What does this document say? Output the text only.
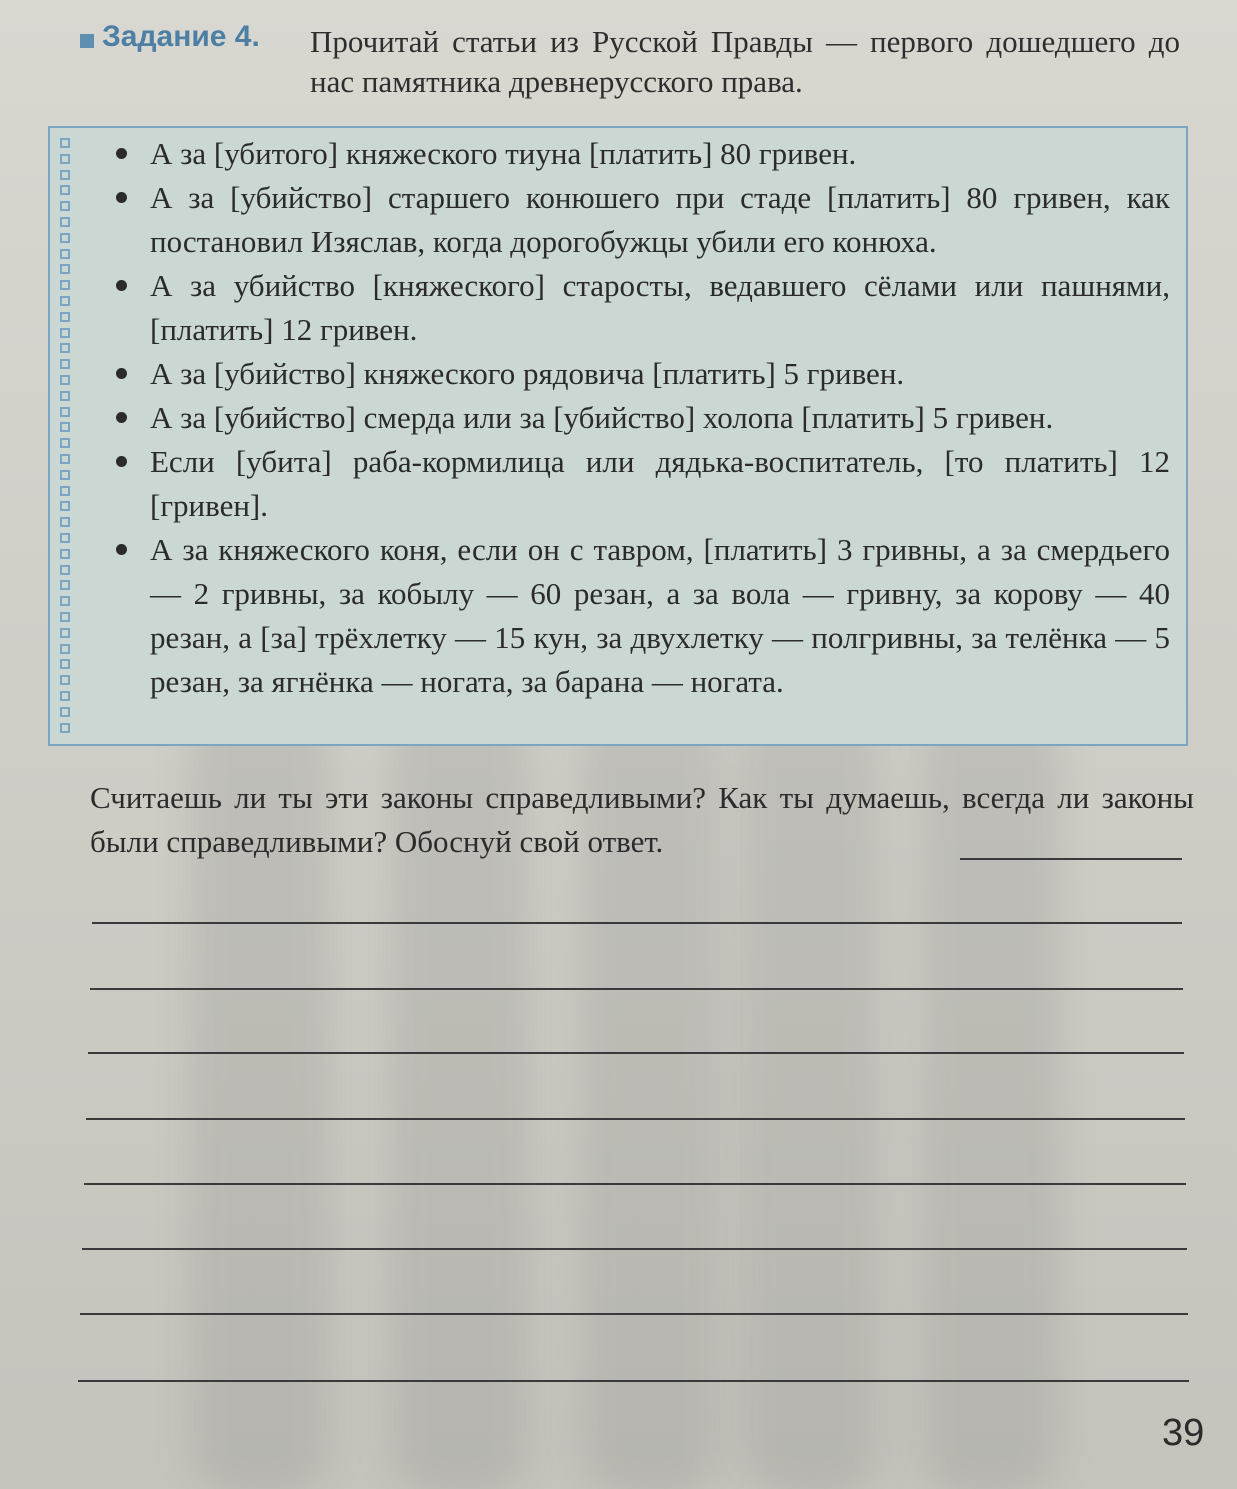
Задание 4. Прочитай статьи из Русской Правды — первого дошедшего до нас памятника древнерусского права.
А за [убитого] княжеского тиуна [платить] 80 гривен.
А за [убийство] старшего конюшего при стаде [платить] 80 гривен, как постановил Изяслав, когда дорогобужцы убили его конюха.
А за убийство [княжеского] старосты, ведавшего сёлами или пашнями, [платить] 12 гривен.
А за [убийство] княжеского рядовича [платить] 5 гривен.
А за [убийство] смерда или за [убийство] холопа [платить] 5 гривен.
Если [убита] раба-кормилица или дядька-воспитатель, [то платить] 12 [гривен].
А за княжеского коня, если он с тавром, [платить] 3 гривны, а за смердьего — 2 гривны, за кобылу — 60 резан, а за вола — гривну, за корову — 40 резан, а [за] трёхлетку — 15 кун, за двухлетку — полгривны, за телёнка — 5 резан, за ягнёнка — ногата, за барана — ногата.
Считаешь ли ты эти законы справедливыми? Как ты думаешь, всегда ли законы были справедливыми? Обоснуй свой ответ.
39
